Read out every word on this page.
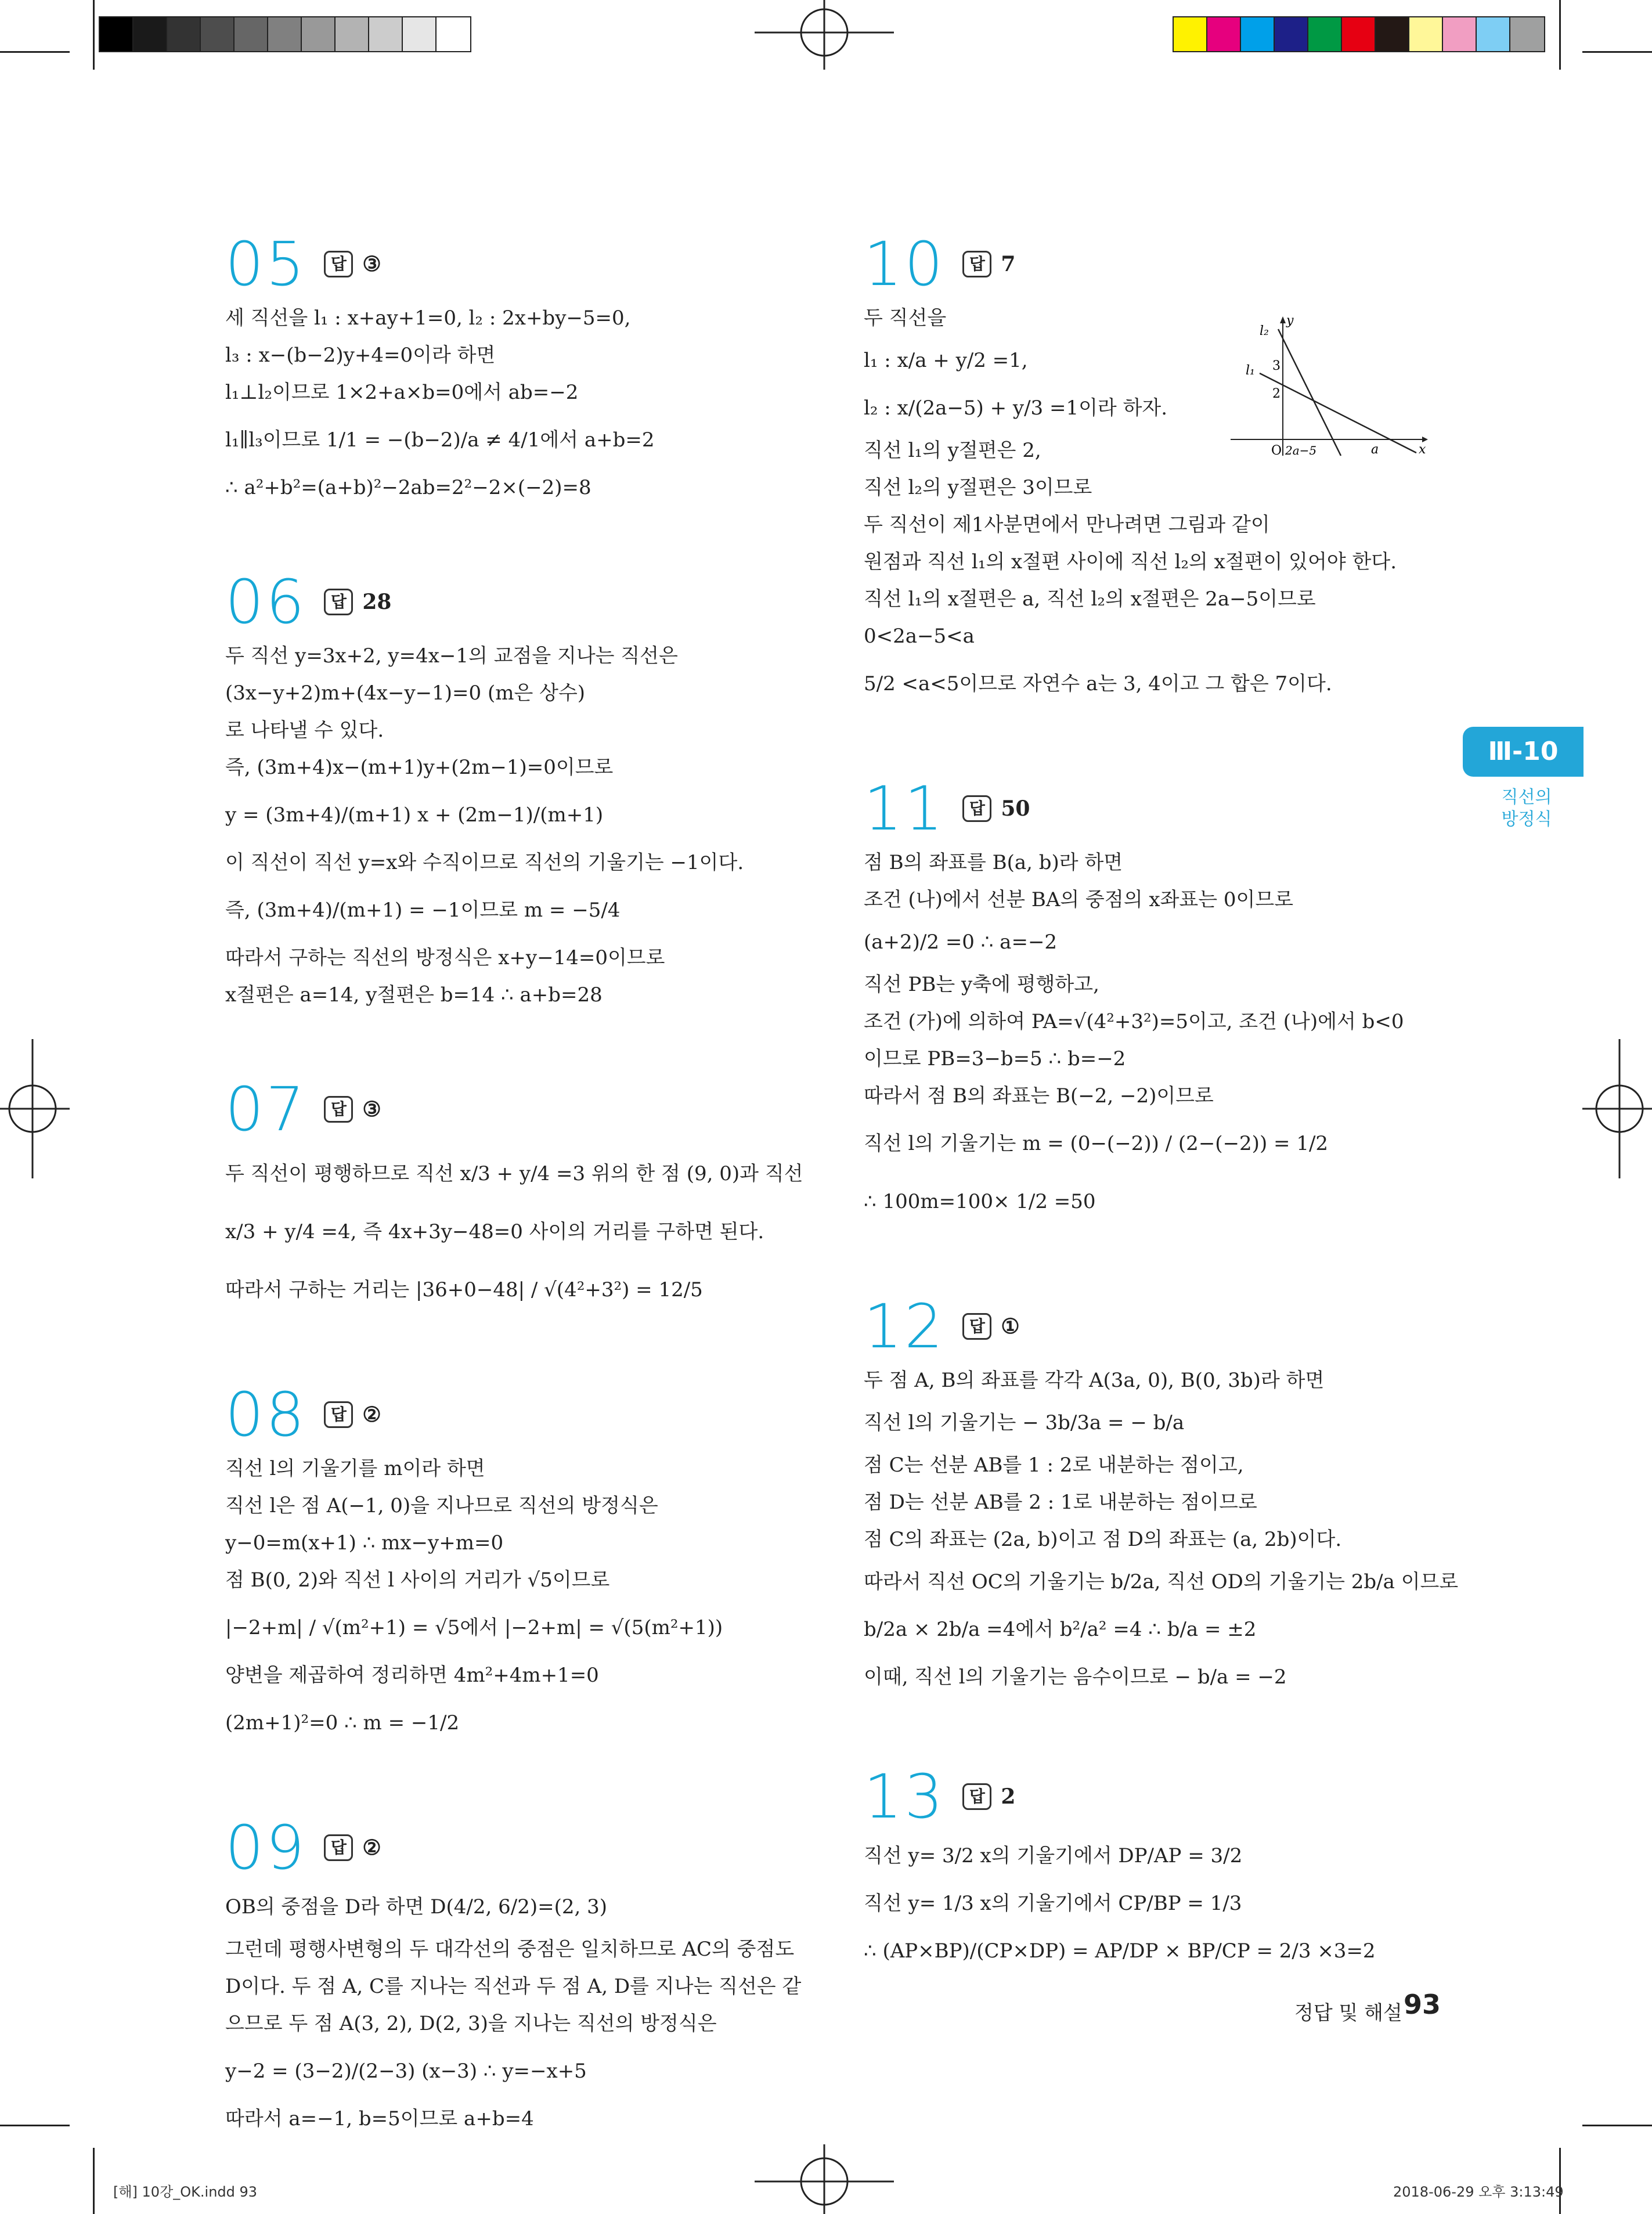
05	답 ③
세 직선을 l₁ : x+ay+1=0, l₂ : 2x+by−5=0,
l₃ : x−(b−2)y+4=0이라 하면
l₁⊥l₂이므로 1×2+a×b=0에서 ab=−2
l₁∥l₃이므로 1/1 = −(b−2)/a ≠ 4/1에서 a+b=2
∴ a²+b²=(a+b)²−2ab=2²−2×(−2)=8
06	답 28
두 직선 y=3x+2, y=4x−1의 교점을 지나는 직선은
(3x−y+2)m+(4x−y−1)=0 (m은 상수)
로 나타낼 수 있다.
즉, (3m+4)x−(m+1)y+(2m−1)=0이므로
y = (3m+4)/(m+1) x + (2m−1)/(m+1)
이 직선이 직선 y=x와 수직이므로 직선의 기울기는 −1이다.
즉, (3m+4)/(m+1) = −1이므로 m = −5/4
따라서 구하는 직선의 방정식은 x+y−14=0이므로
x절편은 a=14, y절편은 b=14 ∴ a+b=28
07	답 ③
두 직선이 평행하므로 직선 x/3 + y/4 =3 위의 한 점 (9, 0)과 직선
x/3 + y/4 =4, 즉 4x+3y−48=0 사이의 거리를 구하면 된다.
따라서 구하는 거리는 |36+0−48| / √(4²+3²) = 12/5
08	답 ②
직선 l의 기울기를 m이라 하면
직선 l은 점 A(−1, 0)을 지나므로 직선의 방정식은
y−0=m(x+1) ∴ mx−y+m=0
점 B(0, 2)와 직선 l 사이의 거리가 √5이므로
|−2+m| / √(m²+1) = √5에서 |−2+m| = √(5(m²+1))
양변을 제곱하여 정리하면 4m²+4m+1=0
(2m+1)²=0 ∴ m = −1/2
09	답 ②
OB의 중점을 D라 하면 D(4/2, 6/2)=(2, 3)
그런데 평행사변형의 두 대각선의 중점은 일치하므로 AC의 중점도
D이다. 두 점 A, C를 지나는 직선과 두 점 A, D를 지나는 직선은 같
으므로 두 점 A(3, 2), D(2, 3)을 지나는 직선의 방정식은
y−2 = (3−2)/(2−3) (x−3) ∴ y=−x+5
따라서 a=−1, b=5이므로 a+b=4
10	답 7
두 직선을
l₁ : x/a + y/2 =1,
l₂ : x/(2a−5) + y/3 =1이라 하자.
직선 l₁의 y절편은 2,
직선 l₂의 y절편은 3이므로
두 직선이 제1사분면에서 만나려면 그림과 같이
원점과 직선 l₁의 x절편 사이에 직선 l₂의 x절편이 있어야 한다.
직선 l₁의 x절편은 a, 직선 l₂의 x절편은 2a−5이므로
0<2a−5<a
5/2 <a<5이므로 자연수 a는 3, 4이고 그 합은 7이다.
11	답 50
점 B의 좌표를 B(a, b)라 하면
조건 (나)에서 선분 BA의 중점의 x좌표는 0이므로
(a+2)/2 =0 ∴ a=−2
직선 PB는 y축에 평행하고,
조건 (가)에 의하여 PA=√(4²+3²)=5이고, 조건 (나)에서 b<0
이므로 PB=3−b=5 ∴ b=−2
따라서 점 B의 좌표는 B(−2, −2)이므로
직선 l의 기울기는 m = (0−(−2)) / (2−(−2)) = 1/2
∴ 100m=100× 1/2 =50
12	답 ①
두 점 A, B의 좌표를 각각 A(3a, 0), B(0, 3b)라 하면
직선 l의 기울기는 − 3b/3a = − b/a
점 C는 선분 AB를 1 : 2로 내분하는 점이고,
점 D는 선분 AB를 2 : 1로 내분하는 점이므로
점 C의 좌표는 (2a, b)이고 점 D의 좌표는 (a, 2b)이다.
따라서 직선 OC의 기울기는 b/2a, 직선 OD의 기울기는 2b/a 이므로
b/2a × 2b/a =4에서 b²/a² =4 ∴ b/a = ±2
이때, 직선 l의 기울기는 음수이므로 − b/a = −2
13	답 2
직선 y= 3/2 x의 기울기에서 DP/AP = 3/2
직선 y= 1/3 x의 기울기에서 CP/BP = 1/3
∴ (AP×BP)/(CP×DP) = AP/DP × BP/CP = 2/3 ×3=2
y
x
O
l₂
l₁ 3
2
2a−5	a
Ⅲ-10
직선의
방정식
정답 및 해설 93
[해] 10강_OK.indd 93	2018-06-29 오후 3:13:49
